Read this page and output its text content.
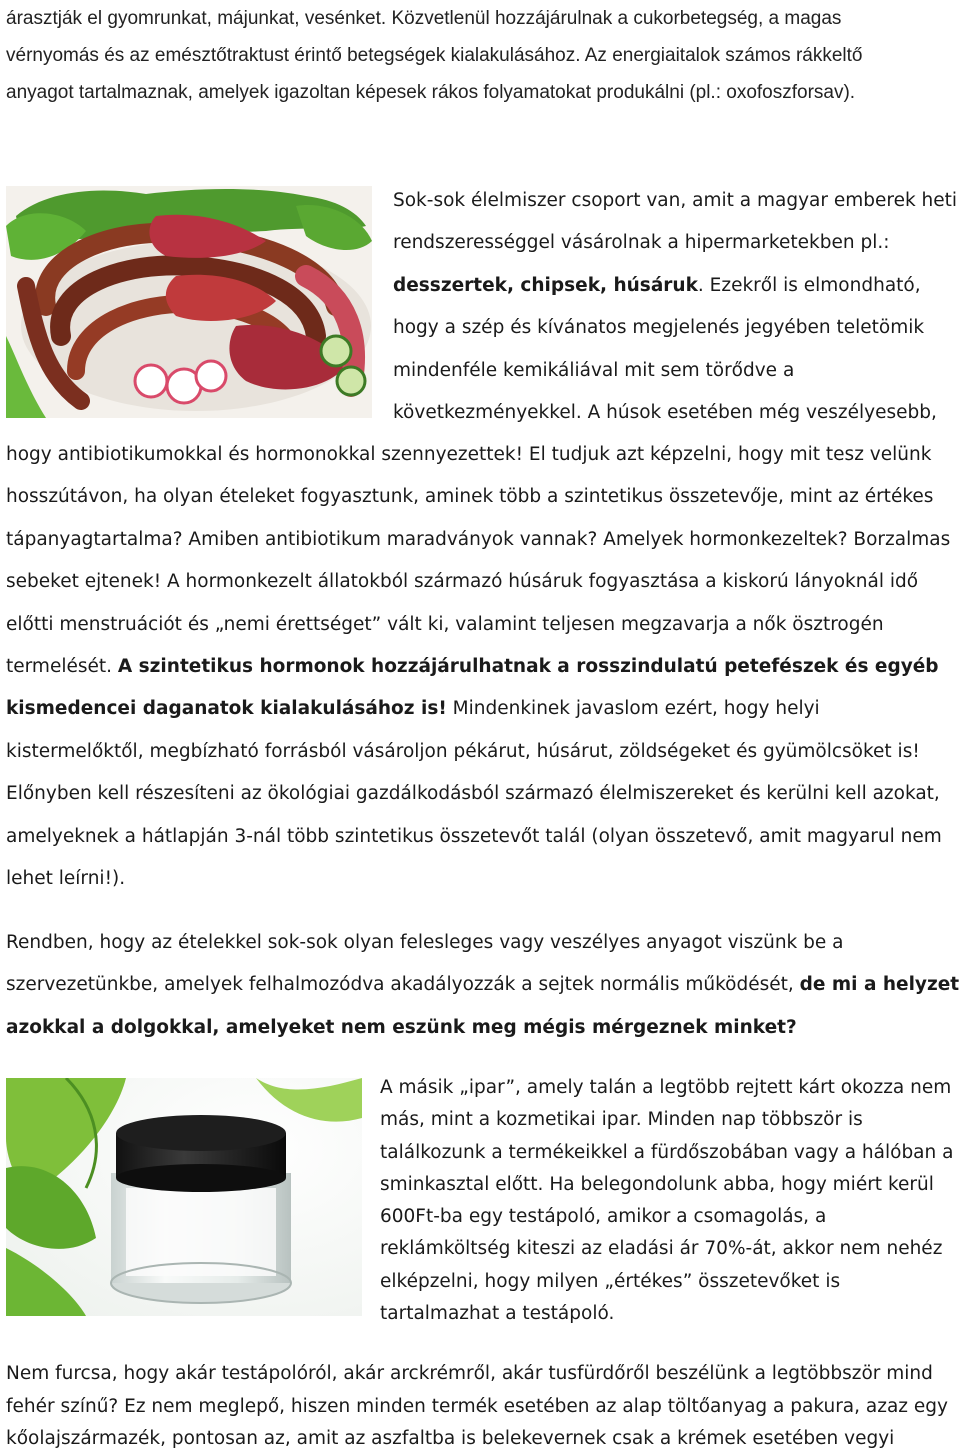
árasztják el gyomrunkat, májunkat, vesénket. Közvetlenül hozzájárulnak a cukorbetegség, a magas
vérnyomás és az emésztőtraktust érintő betegségek kialakulásához. Az energiaitalok számos rákkeltő
anyagot tartalmaznak, amelyek igazoltan képesek rákos folyamatokat produkálni (pl.: oxofoszforsav).

Sok-sok élelmiszer csoport van, amit a magyar emberek heti rendszerességgel vásárolnak a hipermarketekben pl.: desszertek, chipsek, húsáruk. Ezekről is elmondható, hogy a szép és kívánatos megjelenés jegyében teletömik mindenféle kemikáliával mit sem törődve a következményekkel. A húsok esetében még veszélyesebb,

hogy antibiotikumokkal és hormonokkal szennyezettek! El tudjuk azt képzelni, hogy mit tesz velünk hosszútávon, ha olyan ételeket fogyasztunk, aminek több a szintetikus összetevője, mint az értékes tápanyagtartalma? Amiben antibiotikum maradványok vannak? Amelyek hormonkezeltek? Borzalmas sebeket ejtenek! A hormonkezelt állatokból származó húsáruk fogyasztása a kiskorú lányoknál idő előtti menstruációt és „nemi érettséget” vált ki, valamint teljesen megzavarja a nők ösztrogén termelését. A szintetikus hormonok hozzájárulhatnak a rosszindulatú petefészek és egyéb kismedencei daganatok kialakulásához is! Mindenkinek javaslom ezért, hogy helyi kistermelőktől, megbízható forrásból vásároljon pékárut, húsárut, zöldségeket és gyümölcsöket is! Előnyben kell részesíteni az ökológiai gazdálkodásból származó élelmiszereket és kerülni kell azokat, amelyeknek a hátlapján 3-nál több szintetikus összetevőt talál (olyan összetevő, amit magyarul nem lehet leírni!).

Rendben, hogy az ételekkel sok-sok olyan felesleges vagy veszélyes anyagot viszünk be a szervezetünkbe, amelyek felhalmozódva akadályozzák a sejtek normális működését, de mi a helyzet azokkal a dolgokkal, amelyeket nem eszünk meg mégis mérgeznek minket?

A másik „ipar”, amely talán a legtöbb rejtett kárt okozza nem más, mint a kozmetikai ipar. Minden nap többször is találkozunk a termékeikkel a fürdőszobában vagy a hálóban a sminkasztal előtt. Ha belegondolunk abba, hogy miért kerül 600Ft-ba egy testápoló, amikor a csomagolás, a reklámköltség kiteszi az eladási ár 70%-át, akkor nem nehéz elképzelni, hogy milyen „értékes” összetevőket is tartalmazhat a testápoló.

Nem furcsa, hogy akár testápolóról, akár arckrémről, akár tusfürdőről beszélünk a legtöbbször mind fehér színű? Ez nem meglepő, hiszen minden termék esetében az alap töltőanyag a pakura, azaz egy kőolajszármazék, pontosan az, amit az aszfaltba is belekevernek csak a krémek esetében vegyi
